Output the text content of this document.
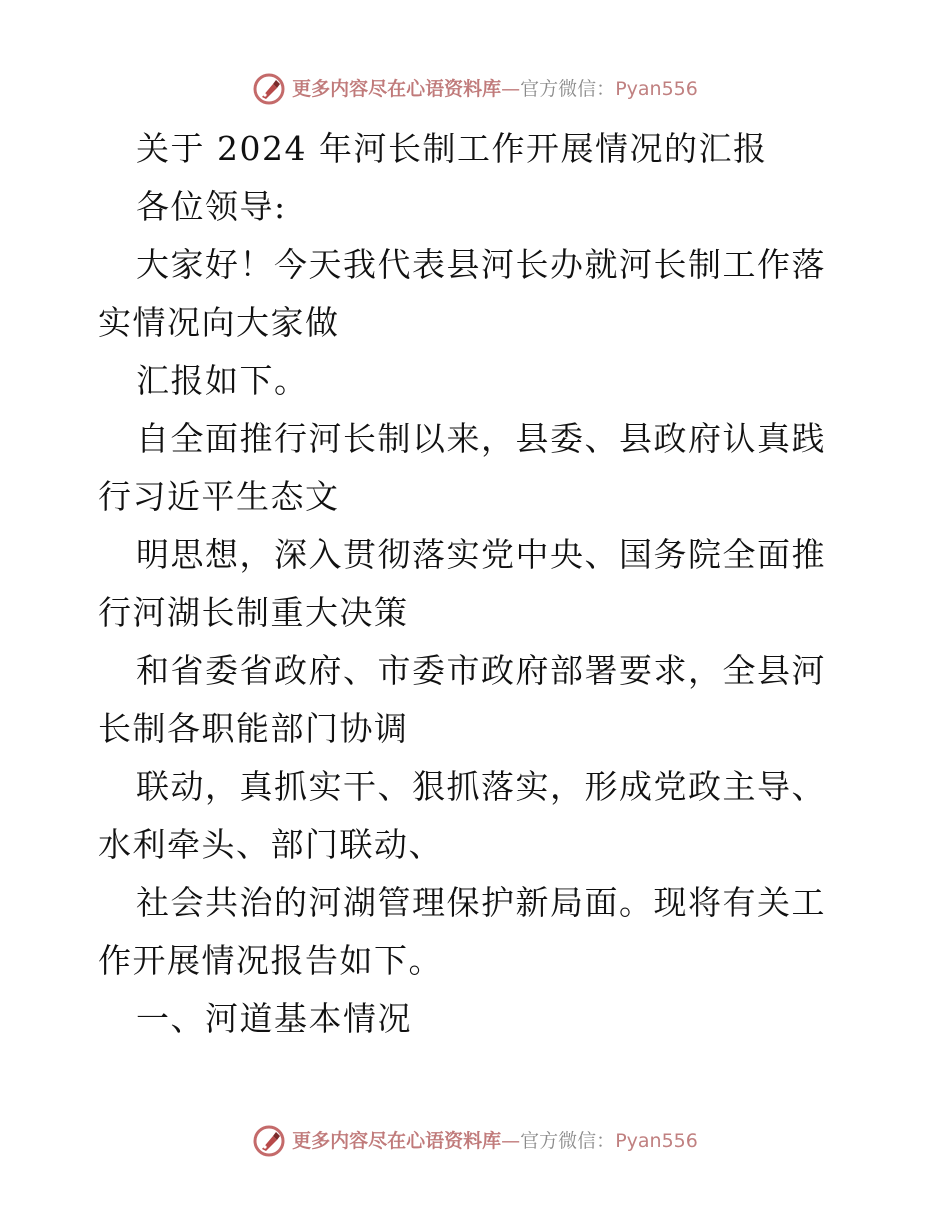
更多内容尽在心语资料库—官方微信：Pyan556

关于 2024 年河长制工作开展情况的汇报

各位领导:

大家好！今天我代表县河长办就河长制工作落实情况向大家做

汇报如下。

自全面推行河长制以来，县委、县政府认真践行习近平生态文

明思想，深入贯彻落实党中央、国务院全面推行河湖长制重大决策

和省委省政府、市委市政府部署要求，全县河长制各职能部门协调

联动，真抓实干、狠抓落实，形成党政主导、水利牵头、部门联动、

社会共治的河湖管理保护新局面。现将有关工作开展情况报告如下。

一、河道基本情况

更多内容尽在心语资料库—官方微信：Pyan556
